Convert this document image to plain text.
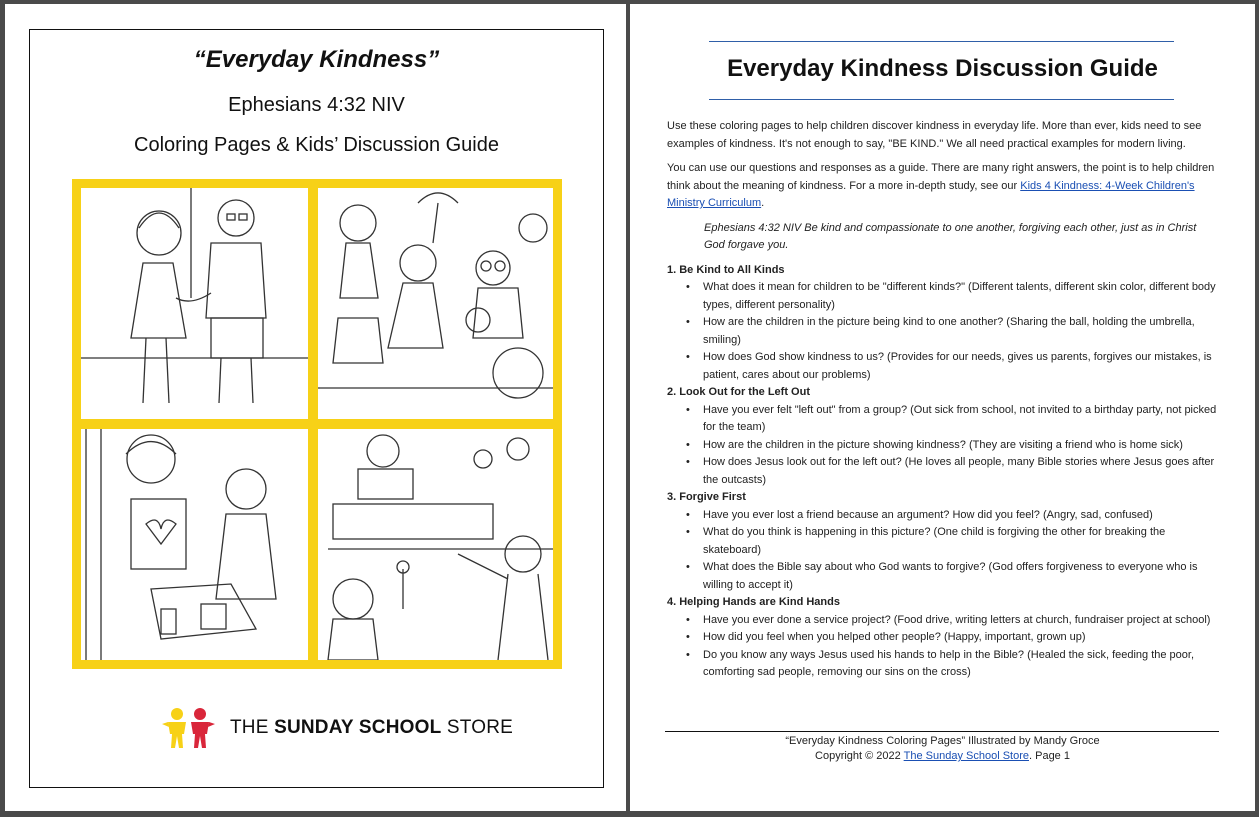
“Everyday Kindness”
Ephesians 4:32 NIV
Coloring Pages & Kids’ Discussion Guide
THE SUNDAY SCHOOL STORE
Everyday Kindness Discussion Guide

Use these coloring pages to help children discover kindness in everyday life. More than ever, kids need to see examples of kindness. It's not enough to say, "BE KIND." We all need practical examples for modern living.

You can use our questions and responses as a guide. There are many right answers, the point is to help children think about the meaning of kindness. For a more in-depth study, see our Kids 4 Kindness: 4-Week Children's Ministry Curriculum.

Ephesians 4:32 NIV Be kind and compassionate to one another, forgiving each other, just as in Christ God forgave you.

1. Be Kind to All Kinds
• What does it mean for children to be "different kinds?" (Different talents, different skin color, different body types, different personality)
• How are the children in the picture being kind to one another? (Sharing the ball, holding the umbrella, smiling)
• How does God show kindness to us? (Provides for our needs, gives us parents, forgives our mistakes, is patient, cares about our problems)
2. Look Out for the Left Out
• Have you ever felt "left out" from a group? (Out sick from school, not invited to a birthday party, not picked for the team)
• How are the children in the picture showing kindness? (They are visiting a friend who is home sick)
• How does Jesus look out for the left out? (He loves all people, many Bible stories where Jesus goes after the outcasts)
3. Forgive First
• Have you ever lost a friend because an argument? How did you feel? (Angry, sad, confused)
• What do you think is happening in this picture? (One child is forgiving the other for breaking the skateboard)
• What does the Bible say about who God wants to forgive? (God offers forgiveness to everyone who is willing to accept it)
4. Helping Hands are Kind Hands
• Have you ever done a service project? (Food drive, writing letters at church, fundraiser project at school)
• How did you feel when you helped other people? (Happy, important, grown up)
• Do you know any ways Jesus used his hands to help in the Bible? (Healed the sick, feeding the poor, comforting sad people, removing our sins on the cross)
“Everyday Kindness Coloring Pages” Illustrated by Mandy Groce
Copyright © 2022 The Sunday School Store. Page 1
